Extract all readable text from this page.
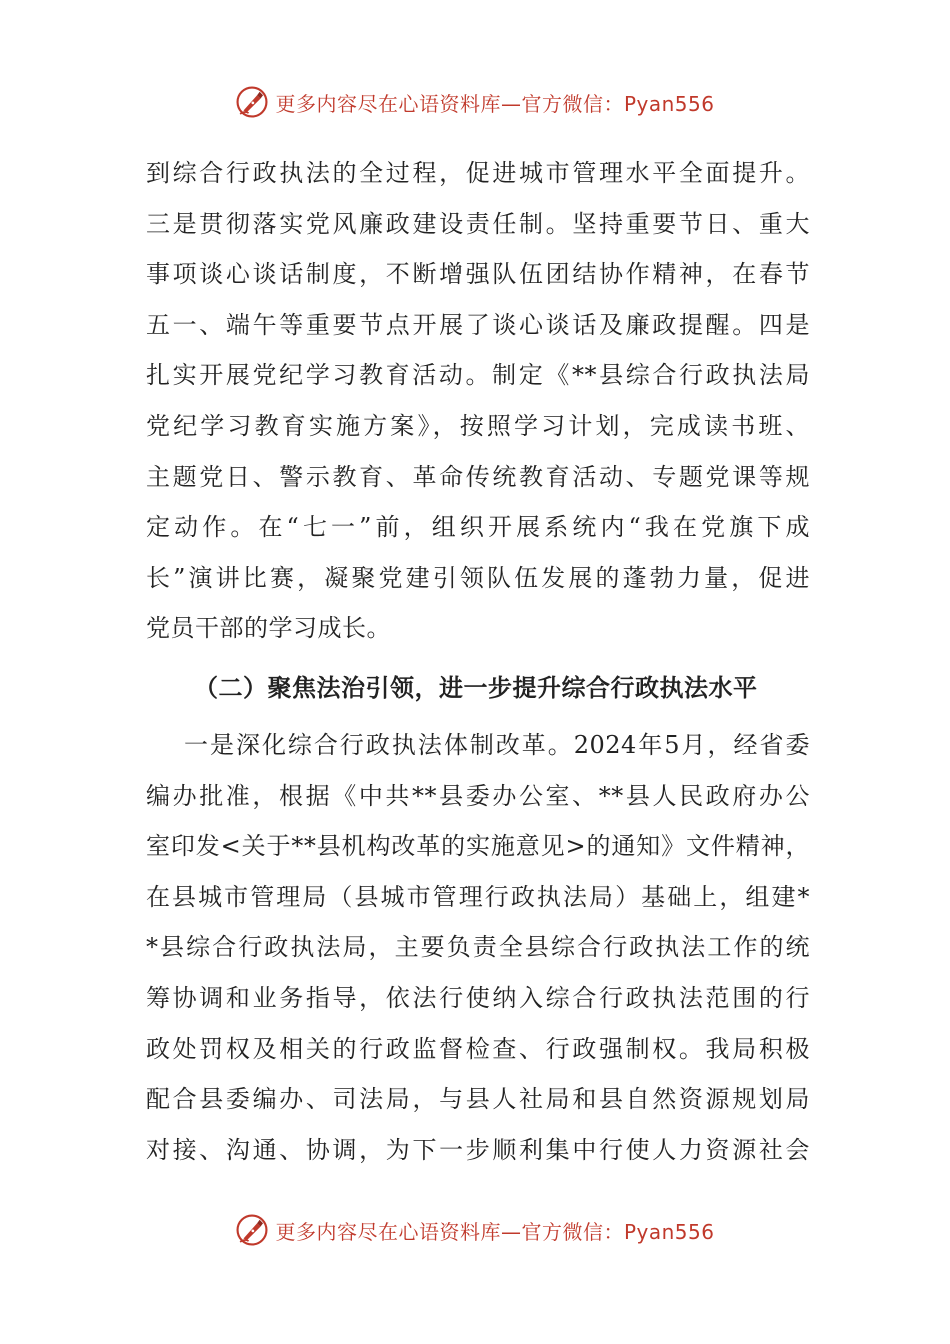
更多内容尽在心语资料库—官方微信：Pyan556
到综合行政执法的全过程，促进城市管理水平全面提升。
三是贯彻落实党风廉政建设责任制。坚持重要节日、重大
事项谈心谈话制度，不断增强队伍团结协作精神，在春节
五一、端午等重要节点开展了谈心谈话及廉政提醒。四是
扎实开展党纪学习教育活动。制定《**县综合行政执法局
党纪学习教育实施方案》，按照学习计划，完成读书班、
主题党日、警示教育、革命传统教育活动、专题党课等规
定动作。在“七一”前，组织开展系统内“我在党旗下成
长”演讲比赛，凝聚党建引领队伍发展的蓬勃力量，促进
党员干部的学习成长。
（二）聚焦法治引领，进一步提升综合行政执法水平
一是深化综合行政执法体制改革。2024年5月，经省委
编办批准，根据《中共**县委办公室、**县人民政府办公
室印发<关于**县机构改革的实施意见>的通知》文件精神，
在县城市管理局（县城市管理行政执法局）基础上，组建*
*县综合行政执法局，主要负责全县综合行政执法工作的统
筹协调和业务指导，依法行使纳入综合行政执法范围的行
政处罚权及相关的行政监督检查、行政强制权。我局积极
配合县委编办、司法局，与县人社局和县自然资源规划局
对接、沟通、协调，为下一步顺利集中行使人力资源社会
更多内容尽在心语资料库—官方微信：Pyan556
